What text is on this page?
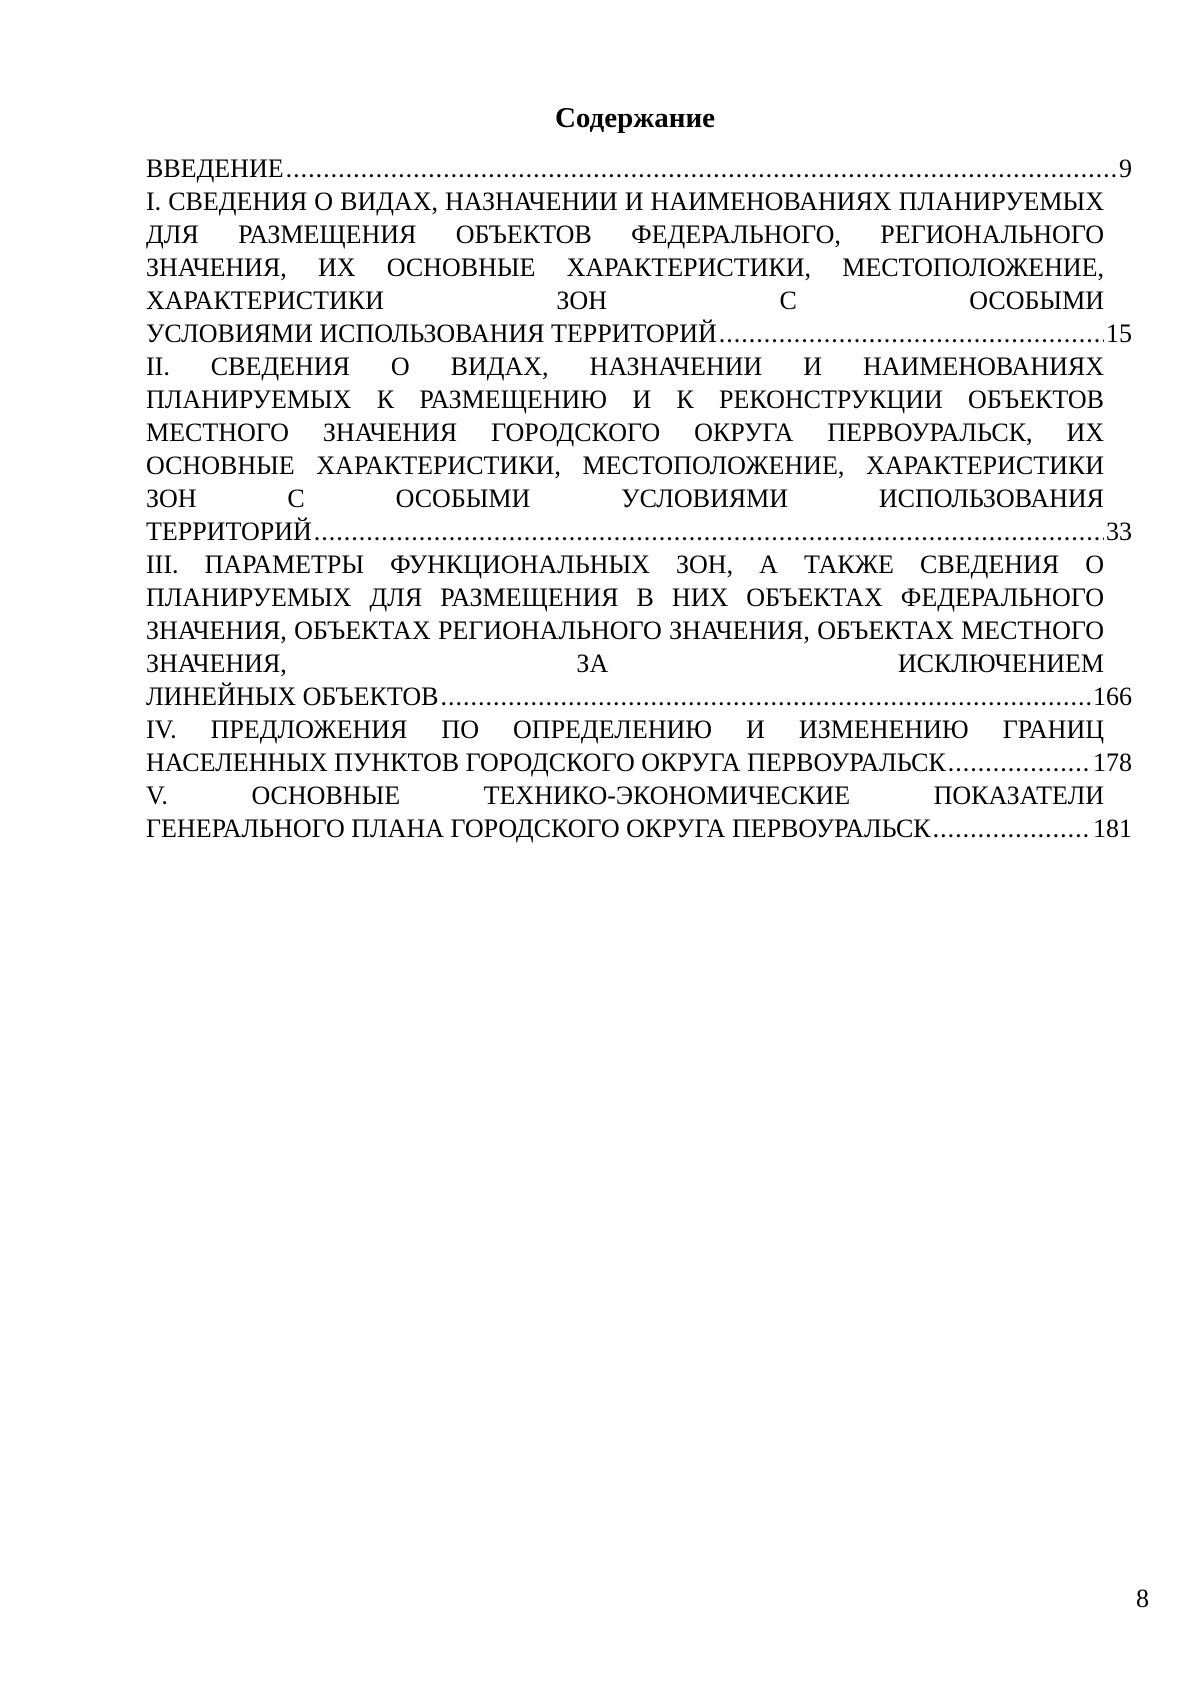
Содержание
ВВЕДЕНИЕ .....	9
I. СВЕДЕНИЯ О ВИДАХ, НАЗНАЧЕНИИ И НАИМЕНОВАНИЯХ ПЛАНИРУЕМЫХ ДЛЯ РАЗМЕЩЕНИЯ ОБЪЕКТОВ ФЕДЕРАЛЬНОГО, РЕГИОНАЛЬНОГО ЗНАЧЕНИЯ, ИХ ОСНОВНЫЕ ХАРАКТЕРИСТИКИ, МЕСТОПОЛОЖЕНИЕ, ХАРАКТЕРИСТИКИ ЗОН С ОСОБЫМИ
УСЛОВИЯМИ ИСПОЛЬЗОВАНИЯ ТЕРРИТОРИЙ .....	15
II. СВЕДЕНИЯ О ВИДАХ, НАЗНАЧЕНИИ И НАИМЕНОВАНИЯХ ПЛАНИРУЕМЫХ К РАЗМЕЩЕНИЮ И К РЕКОНСТРУКЦИИ ОБЪЕКТОВ МЕСТНОГО ЗНАЧЕНИЯ ГОРОДСКОГО ОКРУГА ПЕРВОУРАЛЬСК, ИХ ОСНОВНЫЕ ХАРАКТЕРИСТИКИ, МЕСТОПОЛОЖЕНИЕ, ХАРАКТЕРИСТИКИ ЗОН С ОСОБЫМИ УСЛОВИЯМИ ИСПОЛЬЗОВАНИЯ
ТЕРРИТОРИЙ .....	33
III. ПАРАМЕТРЫ ФУНКЦИОНАЛЬНЫХ ЗОН, А ТАКЖЕ СВЕДЕНИЯ О ПЛАНИРУЕМЫХ ДЛЯ РАЗМЕЩЕНИЯ В НИХ ОБЪЕКТАХ ФЕДЕРАЛЬНОГО ЗНАЧЕНИЯ, ОБЪЕКТАХ РЕГИОНАЛЬНОГО ЗНАЧЕНИЯ, ОБЪЕКТАХ МЕСТНОГО ЗНАЧЕНИЯ, ЗА ИСКЛЮЧЕНИЕМ
ЛИНЕЙНЫХ ОБЪЕКТОВ .....	166
IV. ПРЕДЛОЖЕНИЯ ПО ОПРЕДЕЛЕНИЮ И ИЗМЕНЕНИЮ ГРАНИЦ
НАСЕЛЕННЫХ ПУНКТОВ ГОРОДСКОГО ОКРУГА ПЕРВОУРАЛЬСК .....	178
V. ОСНОВНЫЕ ТЕХНИКО-ЭКОНОМИЧЕСКИЕ ПОКАЗАТЕЛИ
ГЕНЕРАЛЬНОГО ПЛАНА ГОРОДСКОГО ОКРУГА ПЕРВОУРАЛЬСК .....	181
8
